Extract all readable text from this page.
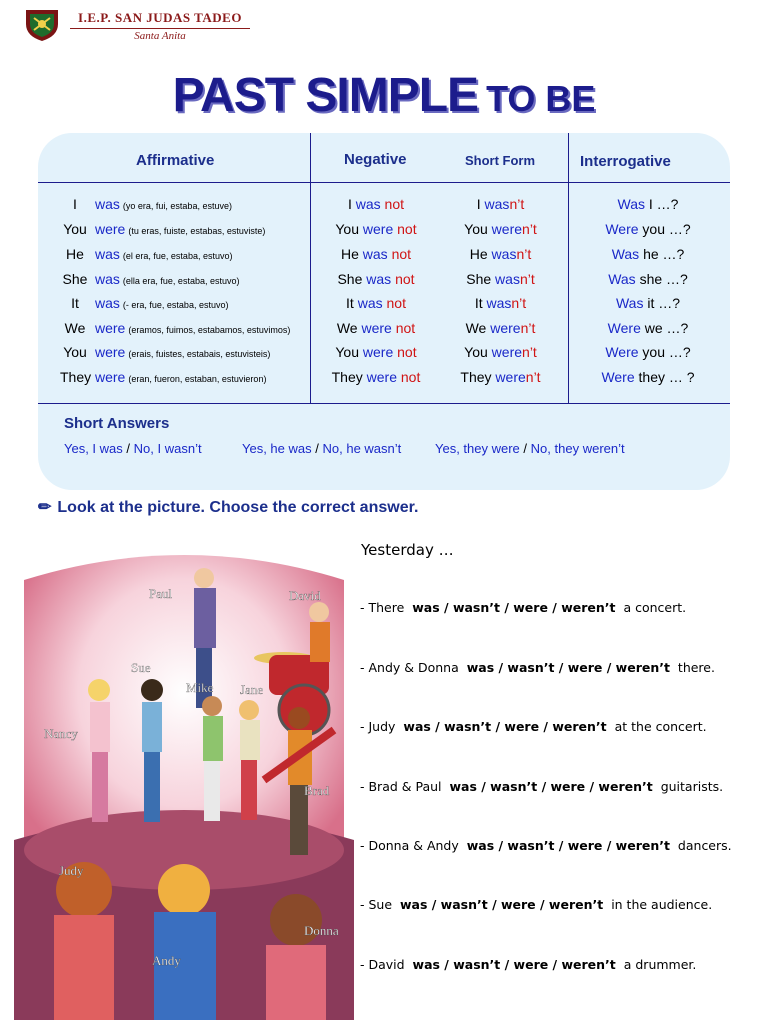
I.E.P. SAN JUDAS TADEO
Santa Anita
PAST SIMPLE TO BE
Affirmative	Negative	Short Form	Interrogative
I	was (yo era, fui, estaba, estuve)	I was not	I wasn’t	Was I …?
You were (tu eras, fuiste, estabas, estuviste)	You were not	You weren’t	Were you …?
He was (el era, fue, estaba, estuvo)	He was not	He wasn’t	Was he …?
She was (ella era, fue, estaba, estuvo)	She was not	She wasn’t	Was she …?
It	was (- era, fue, estaba, estuvo)	It was not	It wasn’t	Was it …?
We were (eramos, fuimos, estabamos, estuvimos)	We were not	We weren’t	Were we …?
You were (erais, fuistes, estabais, estuvisteis)	You were not	You weren’t	Were you …?
They were (eran, fueron, estaban, estuvieron)	They were not	They weren’t	Were they … ?
Short Answers
Yes, I was / No, I wasn’t	Yes, he was / No, he wasn’t	Yes, they were / No, they weren’t
✏ Look at the picture. Choose the correct answer.
Paul	David
Sue
Mike Jane
Nancy
Brad
Judy
Andy
Donna
Yesterday …
- There was / wasn’t / were / weren’t a concert.
- Andy & Donna was / wasn’t / were / weren’t there.
- Judy was / wasn’t / were / weren’t at the concert.
- Brad & Paul was / wasn’t / were / weren’t guitarists.
- Donna & Andy was / wasn’t / were / weren’t dancers.
- Sue was / wasn’t / were / weren’t in the audience.
- David was / wasn’t / were / weren’t a drummer.
